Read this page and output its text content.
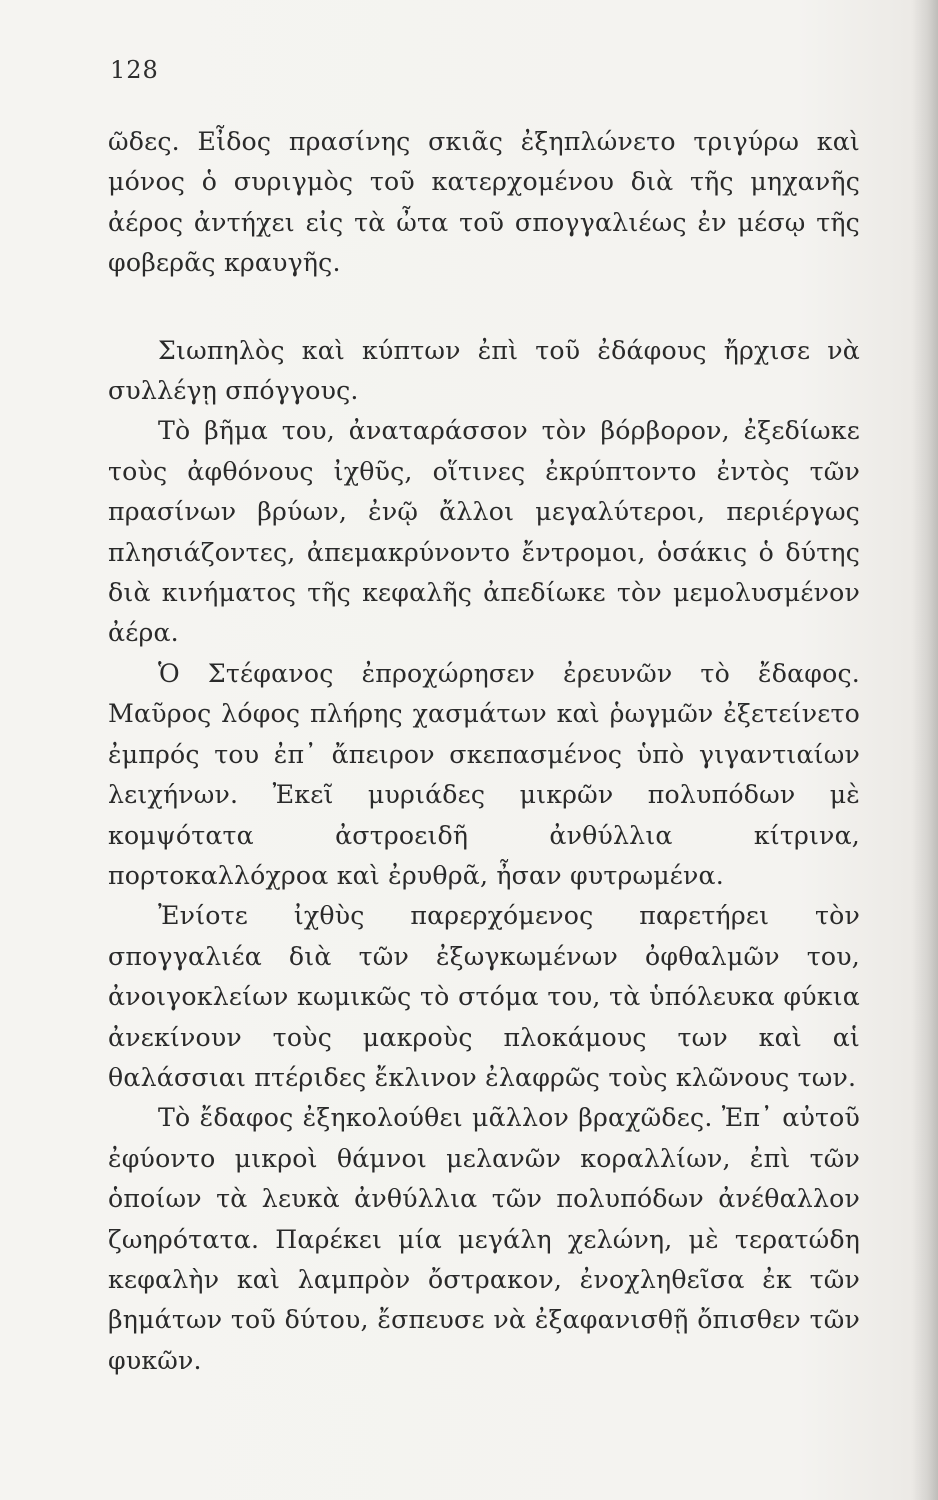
128

ῶδες. Εἶδος πρασίνης σκιᾶς ἐξηπλώνετο τριγύρω καὶ μόνος ὁ συριγμὸς τοῦ κατερχομένου διὰ τῆς μηχανῆς ἀέρος ἀντήχει εἰς τὰ ὦτα τοῦ σπογγαλιέως ἐν μέσῳ τῆς φοβερᾶς κραυγῆς.

Σιωπηλὸς καὶ κύπτων ἐπὶ τοῦ ἐδάφους ἤρχισε νὰ συλλέγῃ σπόγγους.

Τὸ βῆμα του, ἀναταράσσον τὸν βόρβορον, ἐξεδίωκε τοὺς ἀφθόνους ἰχθῦς, οἵτινες ἐκρύπτοντο ἐντὸς τῶν πρασίνων βρύων, ἐνῷ ἄλλοι μεγαλύτεροι, περιέργως πλησιάζοντες, ἀπεμακρύνοντο ἔντρομοι, ὁσάκις ὁ δύτης διὰ κινήματος τῆς κεφαλῆς ἀπεδίωκε τὸν μεμολυσμένον ἀέρα.

Ὁ Στέφανος ἐπροχώρησεν ἐρευνῶν τὸ ἔδαφος. Μαῦρος λόφος πλήρης χασμάτων καὶ ῥωγμῶν ἐξετείνετο ἐμπρός του ἐπ᾽ ἄπειρον σκεπασμένος ὑπὸ γιγαντιαίων λειχήνων. Ἐκεῖ μυριάδες μικρῶν πολυπόδων μὲ κομψότατα ἀστροειδῆ ἀνθύλλια κίτρινα, πορτοκαλλόχροα καὶ ἐρυθρᾶ, ἦσαν φυτρωμένα.

Ἐνίοτε ἰχθὺς παρερχόμενος παρετήρει τὸν σπογγαλιέα διὰ τῶν ἐξωγκωμένων ὀφθαλμῶν του, ἀνοιγοκλείων κωμικῶς τὸ στόμα του, τὰ ὑπόλευκα φύκια ἀνεκίνουν τοὺς μακροὺς πλοκάμους των καὶ αἱ θαλάσσιαι πτέριδες ἔκλινον ἐλαφρῶς τοὺς κλῶνους των.

Τὸ ἔδαφος ἐξηκολούθει μᾶλλον βραχῶδες. Ἐπ᾽ αὐτοῦ ἐφύοντο μικροὶ θάμνοι μελανῶν κοραλλίων, ἐπὶ τῶν ὁποίων τὰ λευκὰ ἀνθύλλια τῶν πολυπόδων ἀνέθαλλον ζωηρότατα. Παρέκει μία μεγάλη χελώνη, μὲ τερατώδη κεφαλὴν καὶ λαμπρὸν ὄστρακον, ἐνοχληθεῖσα ἐκ τῶν βημάτων τοῦ δύτου, ἔσπευσε νὰ ἐξαφανισθῇ ὄπισθεν τῶν φυκῶν.
